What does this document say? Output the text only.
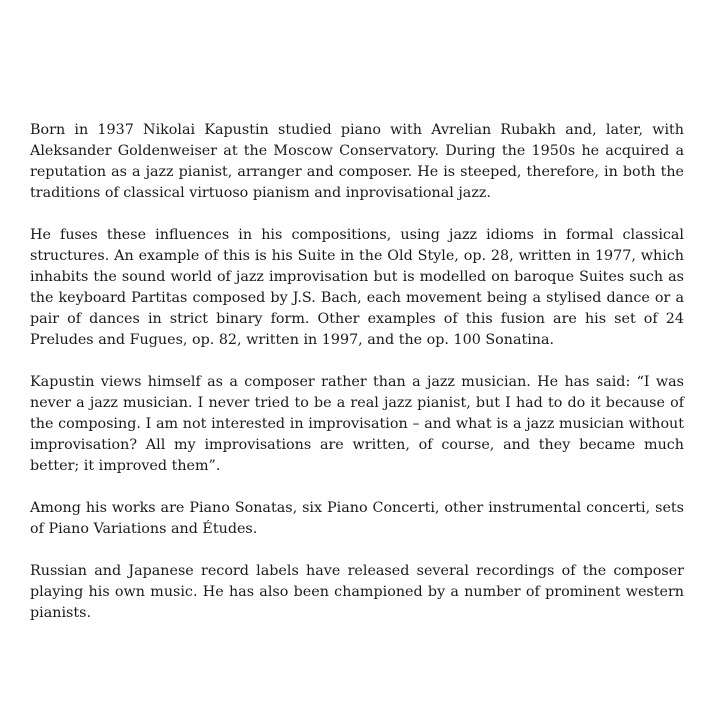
Born in 1937 Nikolai Kapustin studied piano with Avrelian Rubakh and, later, with Aleksander Goldenweiser at the Moscow Conservatory. During the 1950s he acquired a reputation as a jazz pianist, arranger and composer. He is steeped, therefore, in both the traditions of classical virtuoso pianism and inprovisational jazz.

He fuses these influences in his compositions, using jazz idioms in formal classical structures. An example of this is his Suite in the Old Style, op. 28, written in 1977, which inhabits the sound world of jazz improvisation but is modelled on baroque Suites such as the keyboard Partitas composed by J.S. Bach, each movement being a stylised dance or a pair of dances in strict binary form. Other examples of this fusion are his set of 24 Preludes and Fugues, op. 82, written in 1997, and the op. 100 Sonatina.

Kapustin views himself as a composer rather than a jazz musician. He has said: “I was never a jazz musician. I never tried to be a real jazz pianist, but I had to do it because of the composing. I am not interested in improvisation – and what is a jazz musician without improvisation? All my improvisations are written, of course, and they became much better; it improved them”.

Among his works are Piano Sonatas, six Piano Concerti, other instrumental concerti, sets of Piano Variations and Études.

Russian and Japanese record labels have released several recordings of the composer playing his own music. He has also been championed by a number of prominent western pianists.
